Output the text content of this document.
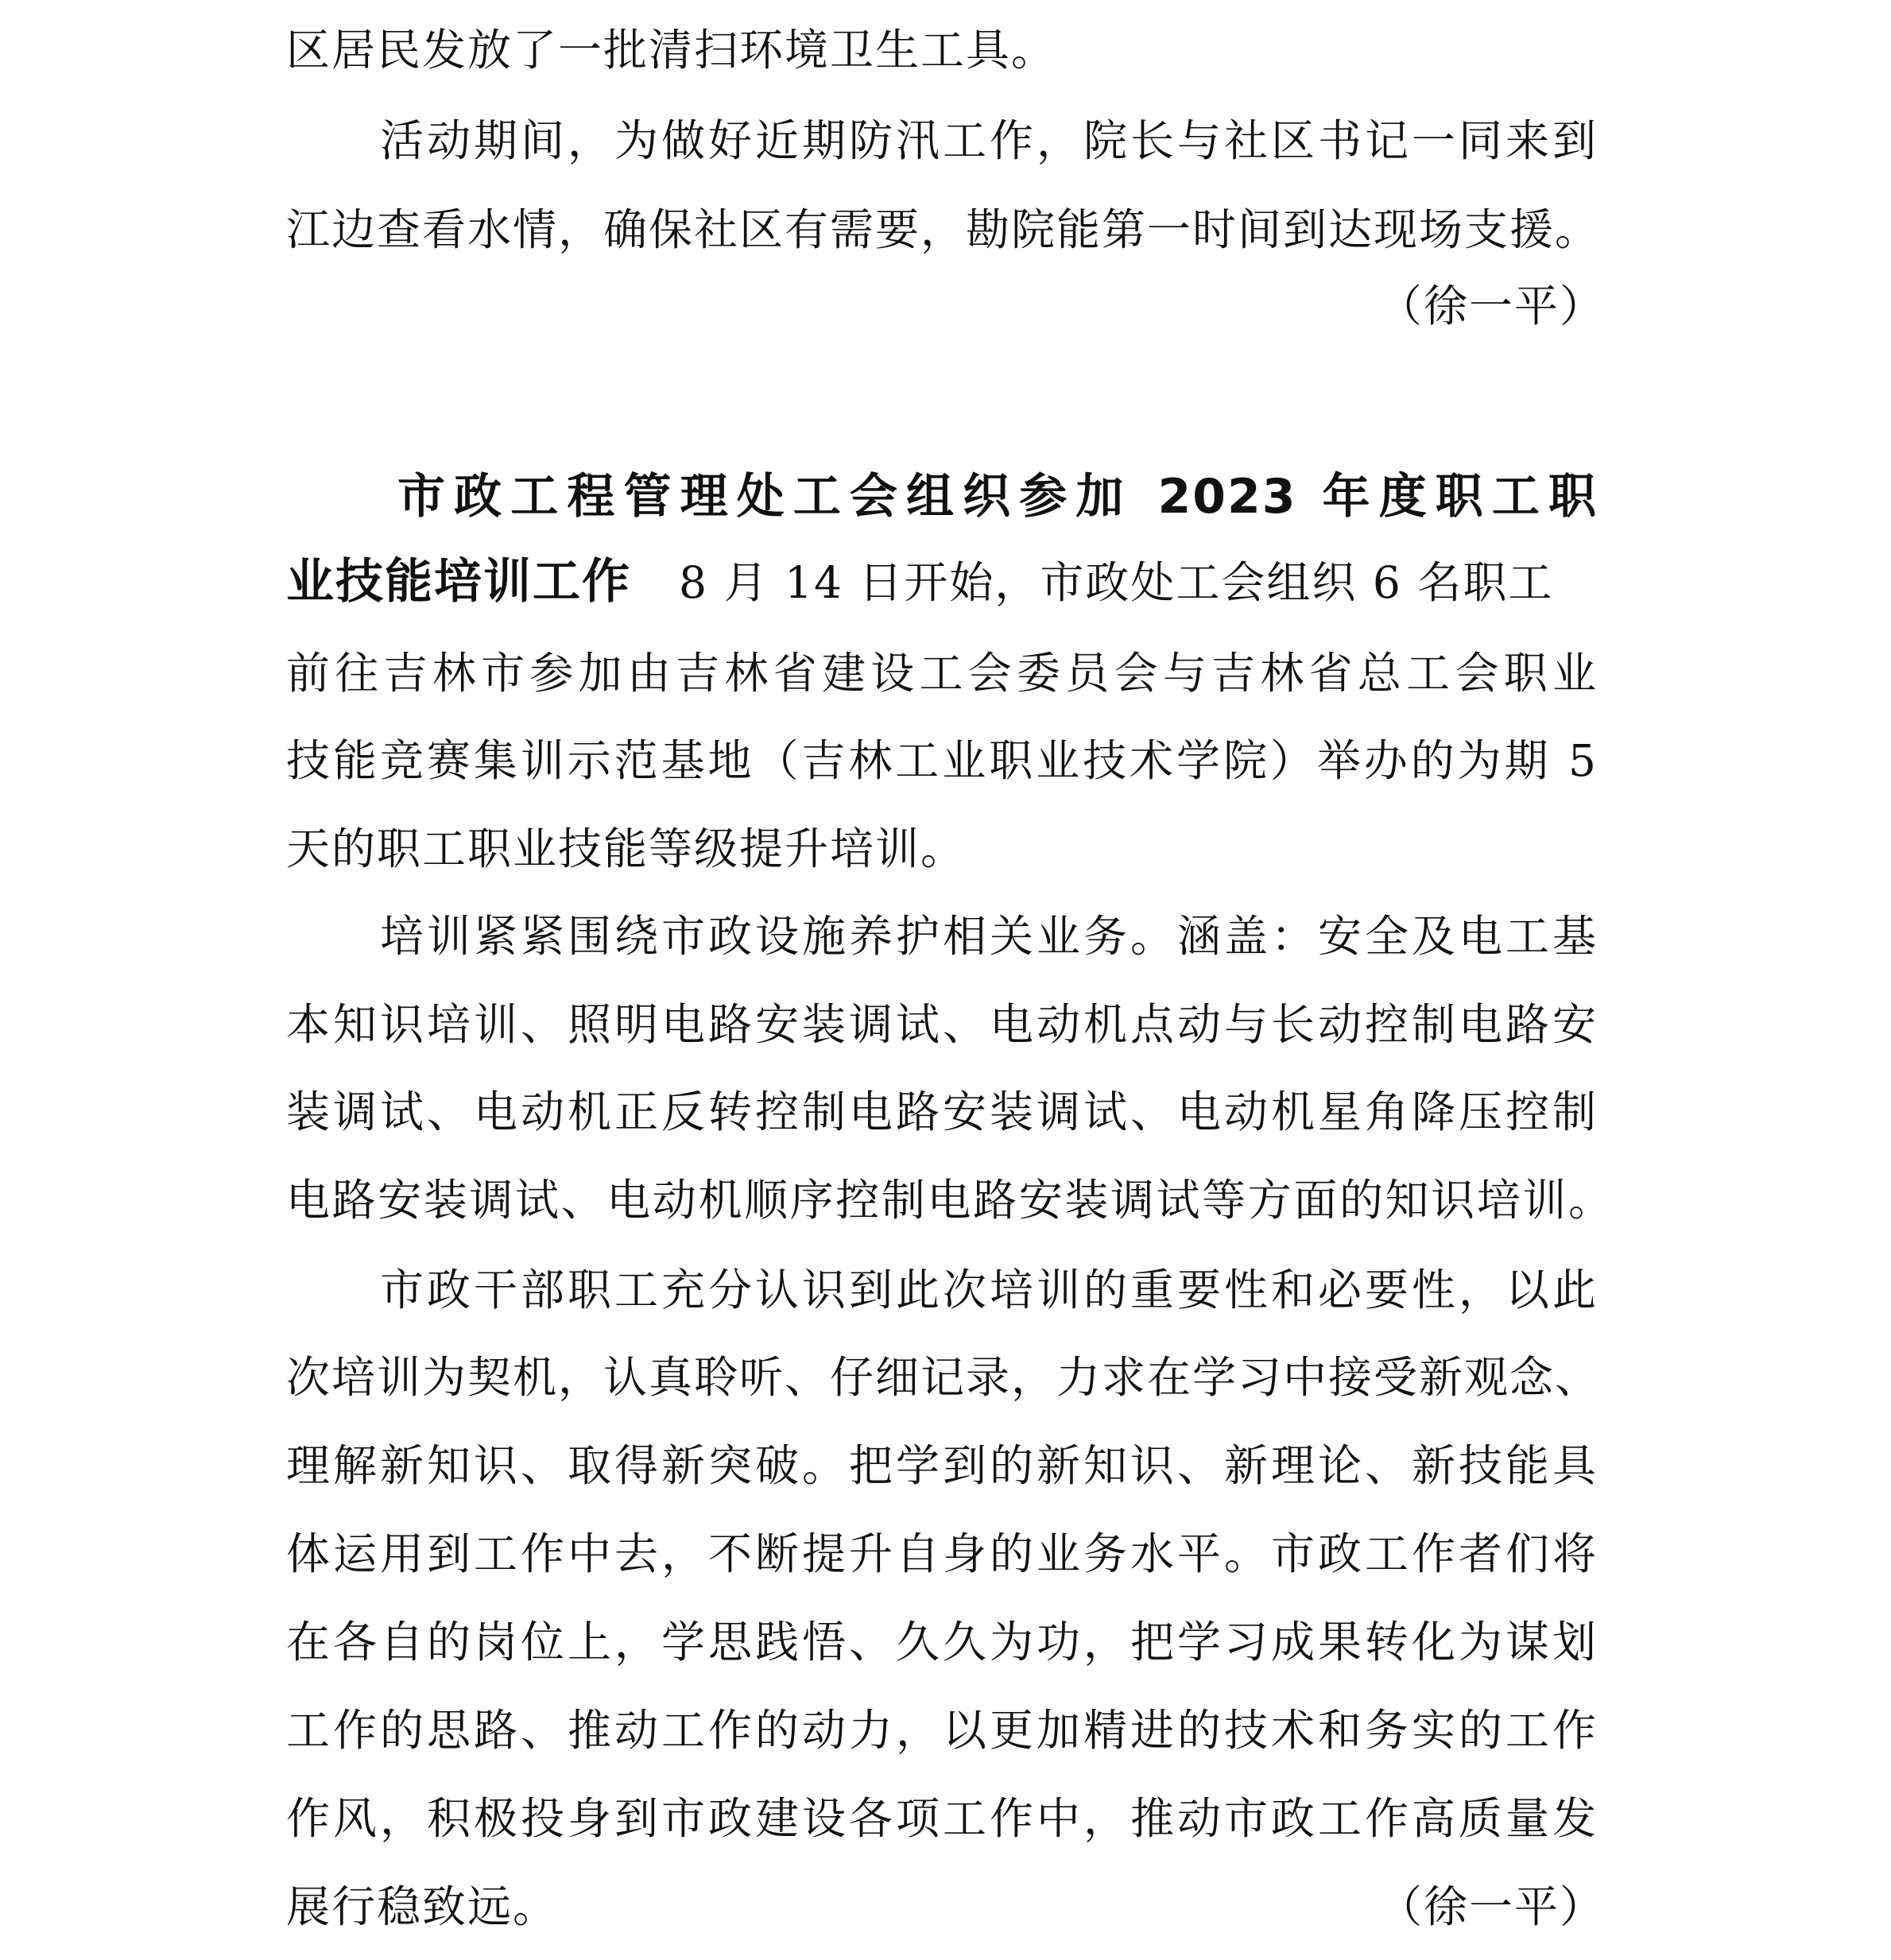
区居民发放了一批清扫环境卫生工具。
活动期间，为做好近期防汛工作，院长与社区书记一同来到
江边查看水情，确保社区有需要，勘院能第一时间到达现场支援。
（徐一平）
市政工程管理处工会组织参加 2023 年度职工职
业技能培训工作 8 月 14 日开始，市政处工会组织 6 名职工
前往吉林市参加由吉林省建设工会委员会与吉林省总工会职业
技能竞赛集训示范基地（吉林工业职业技术学院）举办的为期 5
天的职工职业技能等级提升培训。
培训紧紧围绕市政设施养护相关业务。涵盖：安全及电工基
本知识培训、照明电路安装调试、电动机点动与长动控制电路安
装调试、电动机正反转控制电路安装调试、电动机星角降压控制
电路安装调试、电动机顺序控制电路安装调试等方面的知识培训。
市政干部职工充分认识到此次培训的重要性和必要性，以此
次培训为契机，认真聆听、仔细记录，力求在学习中接受新观念、
理解新知识、取得新突破。把学到的新知识、新理论、新技能具
体运用到工作中去，不断提升自身的业务水平。市政工作者们将
在各自的岗位上，学思践悟、久久为功，把学习成果转化为谋划
工作的思路、推动工作的动力，以更加精进的技术和务实的工作
作风，积极投身到市政建设各项工作中，推动市政工作高质量发
展行稳致远。	（徐一平）
